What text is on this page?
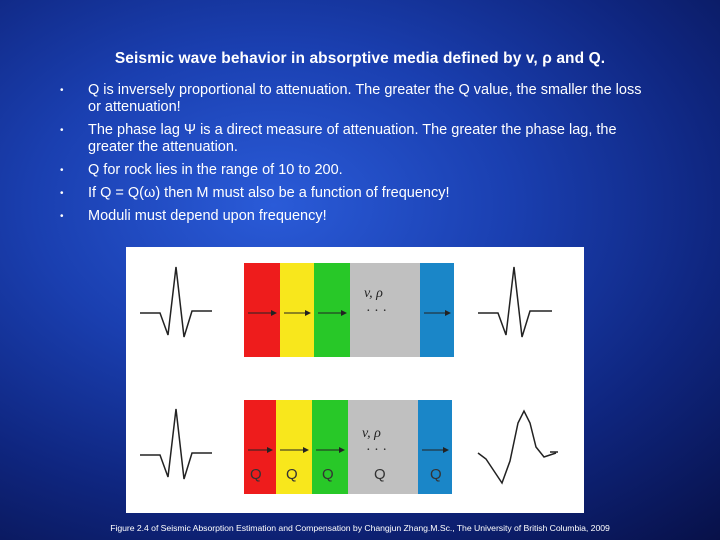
Seismic wave behavior in absorptive media defined by v, ρ and Q.
• Q is inversely proportional to attenuation. The greater the Q value, the smaller the loss or attenuation!
• The phase lag Ψ is a direct measure of attenuation. The greater the phase lag, the greater the attenuation.
• Q for rock lies in the range of 10 to 200.
• If Q = Q(ω) then M must also be a function of frequency!
• Moduli must depend upon frequency!
v, ρ
· · ·
v, ρ
· · ·
Q Q Q	Q	Q
Figure 2.4 of Seismic Absorption Estimation and Compensation by Changjun Zhang.M.Sc., The University of British Columbia, 2009
